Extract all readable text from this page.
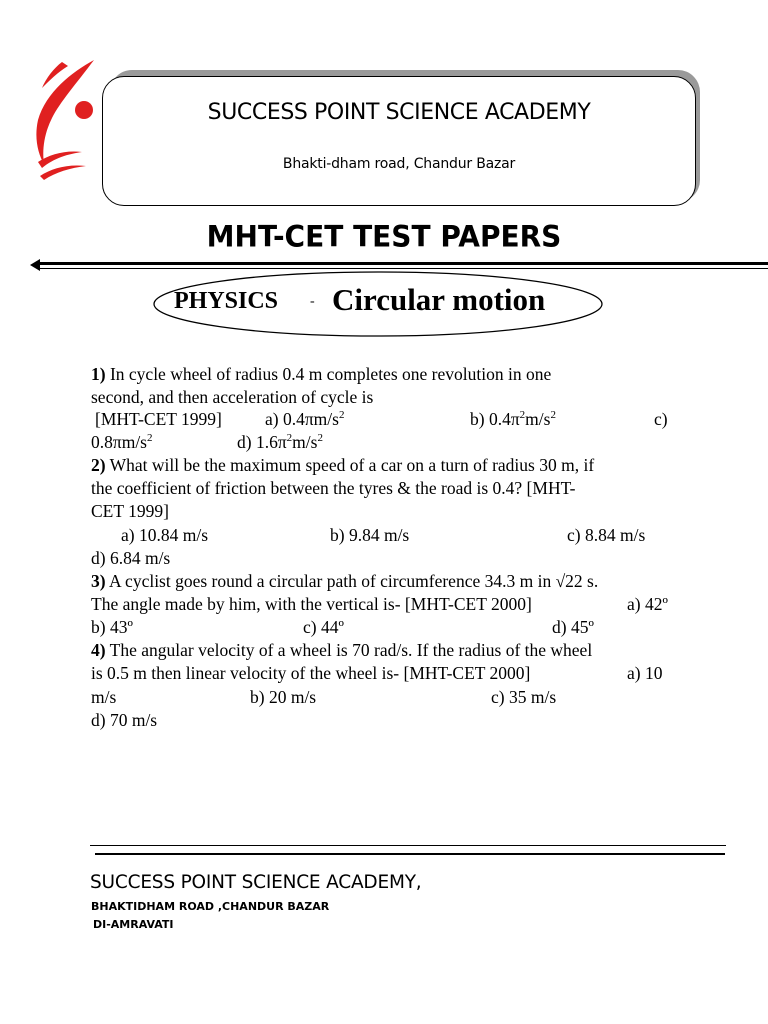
SUCCESS POINT SCIENCE ACADEMY
Bhakti-dham road, Chandur Bazar
MHT-CET TEST PAPERS
PHYSICS - Circular motion
1) In cycle wheel of radius 0.4 m completes one revolution in one
second, and then acceleration of cycle is
[MHT-CET 1999] a) $0.4\pi m/s^2$	b) $0.4\pi^2m/s^2$	c)
$0.8\pi m/s^2$	d) $1.6\pi^2m/s^2$
2) What will be the maximum speed of a car on a turn of radius 30 m, if
the coefficient of friction between the tyres & the road is 0.4? [MHT-
CET 1999]
a) 10.84 m/s	b) 9.84 m/s	c) 8.84 m/s
d) 6.84 m/s
3) A cyclist goes round a circular path of circumference 34.3 m in √22 s.
The angle made by him, with the vertical is- [MHT-CET 2000]	a) 42º
b) 43º	c) 44º	d) 45º
4) The angular velocity of a wheel is 70 rad/s. If the radius of the wheel
is 0.5 m then linear velocity of the wheel is- [MHT-CET 2000]	a) 10
m/s	b) 20 m/s	c) 35 m/s
d) 70 m/s
SUCCESS POINT SCIENCE ACADEMY,
BHAKTIDHAM ROAD ,CHANDUR BAZAR
DI-AMRAVATI
